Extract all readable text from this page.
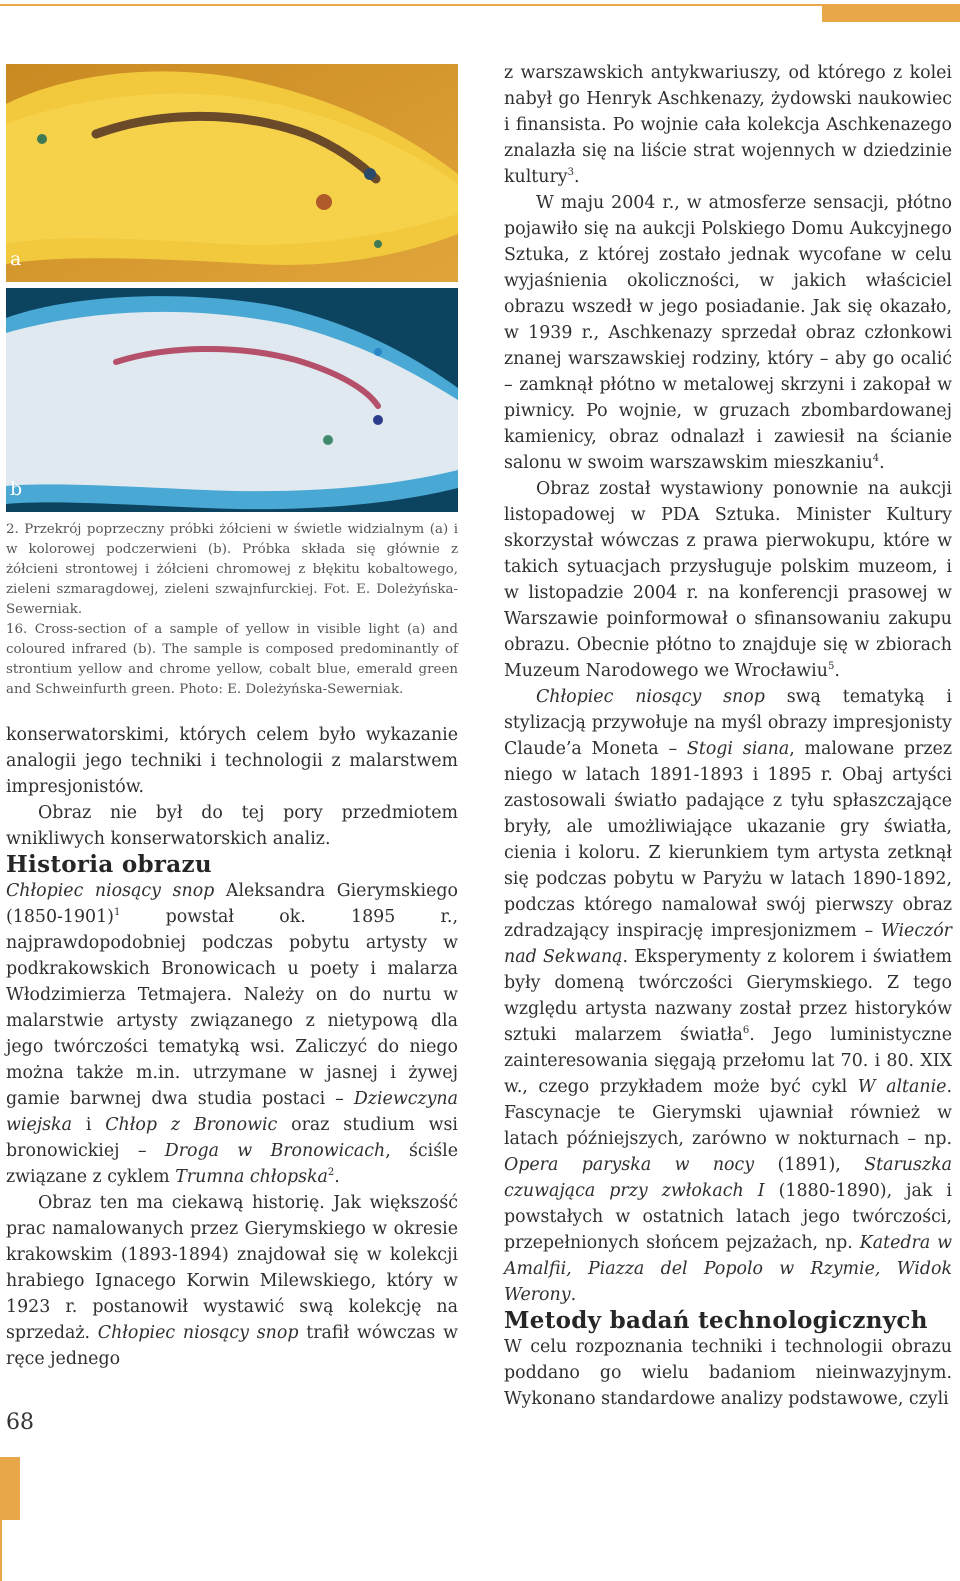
a
b

2. Przekrój poprzeczny próbki żółcieni w świetle widzialnym (a) i w kolorowej podczerwieni (b). Próbka składa się głównie z żółcieni strontowej i żółcieni chromowej z błękitu kobaltowego, zieleni szmaragdowej, zieleni szwajnfurckiej. Fot. E. Doleżyńska-Sewerniak.

16. Cross-section of a sample of yellow in visible light (a) and coloured infrared (b). The sample is composed predominantly of strontium yellow and chrome yellow, cobalt blue, emerald green and Schweinfurth green. Photo: E. Doleżyńska-Sewerniak.

konserwatorskimi, których celem było wykazanie analogii jego techniki i technologii z malarstwem impresjonistów.

Obraz nie był do tej pory przedmiotem wnikliwych konserwatorskich analiz.

Historia obrazu

Chłopiec niosący snop Aleksandra Gierymskiego (1850-1901)$^1$ powstał ok. 1895 r., najprawdopodobniej podczas pobytu artysty w podkrakowskich Bronowicach u poety i malarza Włodzimierza Tetmajera. Należy on do nurtu w malarstwie artysty związanego z nietypową dla jego twórczości tematyką wsi. Zaliczyć do niego można także m.in. utrzymane w jasnej i żywej gamie barwnej dwa studia postaci – Dziewczyna wiejska i Chłop z Bronowic oraz studium wsi bronowickiej – Droga w Bronowicach, ściśle związane z cyklem Trumna chłopska$^2$.

Obraz ten ma ciekawą historię. Jak większość prac namalowanych przez Gierymskiego w okresie krakowskim (1893-1894) znajdował się w kolekcji hrabiego Ignacego Korwin Milewskiego, który w 1923 r. postanowił wystawić swą kolekcję na sprzedaż. Chłopiec niosący snop trafił wówczas w ręce jednego

z warszawskich antykwariuszy, od którego z kolei nabył go Henryk Aschkenazy, żydowski naukowiec i finansista. Po wojnie cała kolekcja Aschkenazego znalazła się na liście strat wojennych w dziedzinie kultury$^3$.

W maju 2004 r., w atmosferze sensacji, płótno pojawiło się na aukcji Polskiego Domu Aukcyjnego Sztuka, z której zostało jednak wycofane w celu wyjaśnienia okoliczności, w jakich właściciel obrazu wszedł w jego posiadanie. Jak się okazało, w 1939 r., Aschkenazy sprzedał obraz członkowi znanej warszawskiej rodziny, który – aby go ocalić – zamknął płótno w metalowej skrzyni i zakopał w piwnicy. Po wojnie, w gruzach zbombardowanej kamienicy, obraz odnalazł i zawiesił na ścianie salonu w swoim warszawskim mieszkaniu$^4$.

Obraz został wystawiony ponownie na aukcji listopadowej w PDA Sztuka. Minister Kultury skorzystał wówczas z prawa pierwokupu, które w takich sytuacjach przysługuje polskim muzeom, i w listopadzie 2004 r. na konferencji prasowej w Warszawie poinformował o sfinansowaniu zakupu obrazu. Obecnie płótno to znajduje się w zbiorach Muzeum Narodowego we Wrocławiu$^5$.

Chłopiec niosący snop swą tematyką i stylizacją przywołuje na myśl obrazy impresjonisty Claude’a Moneta – Stogi siana, malowane przez niego w latach 1891-1893 i 1895 r. Obaj artyści zastosowali światło padające z tyłu spłaszczające bryły, ale umożliwiające ukazanie gry światła, cienia i koloru. Z kierunkiem tym artysta zetknął się podczas pobytu w Paryżu w latach 1890-1892, podczas którego namalował swój pierwszy obraz zdradzający inspirację impresjonizmem – Wieczór nad Sekwaną. Eksperymenty z kolorem i światłem były domeną twórczości Gierymskiego. Z tego względu artysta nazwany został przez historyków sztuki malarzem światła$^6$. Jego luministyczne zainteresowania sięgają przełomu lat 70. i 80. XIX w., czego przykładem może być cykl W altanie. Fascynacje te Gierymski ujawniał również w latach późniejszych, zarówno w nokturnach – np. Opera paryska w nocy (1891), Staruszka czuwająca przy zwłokach I (1880-1890), jak i powstałych w ostatnich latach jego twórczości, przepełnionych słońcem pejzażach, np. Katedra w Amalfii, Piazza del Popolo w Rzymie, Widok Werony.

Metody badań technologicznych

W celu rozpoznania techniki i technologii obrazu poddano go wielu badaniom nieinwazyjnym. Wykonano standardowe analizy podstawowe, czyli

68
